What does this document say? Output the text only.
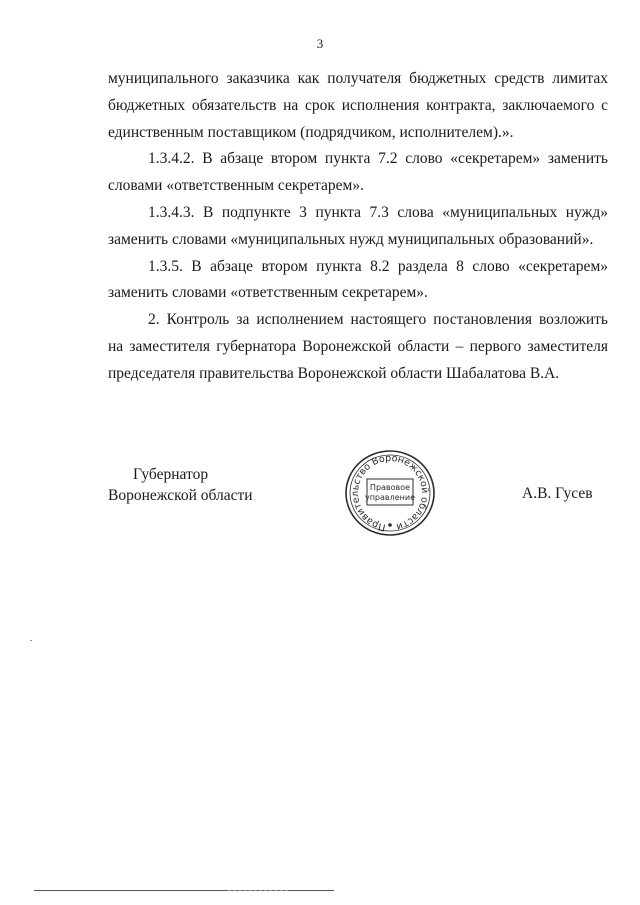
3

муниципального заказчика как получателя бюджетных средств лимитах бюджетных обязательств на срок исполнения контракта, заключаемого с единственным поставщиком (подрядчиком, исполнителем).».

1.3.4.2. В абзаце втором пункта 7.2 слово «секретарем» заменить словами «ответственным секретарем».

1.3.4.3. В подпункте 3 пункта 7.3 слова «муниципальных нужд» заменить словами «муниципальных нужд муниципальных образований».

1.3.5. В абзаце втором пункта 8.2 раздела 8 слово «секретарем» заменить словами «ответственным секретарем».

2. Контроль за исполнением настоящего постановления возложить на заместителя губернатора Воронежской области – первого заместителя председателя правительства Воронежской области Шабалатова В.А.

Губернатор
Воронежской области
Правительство Воронежской области
Правовое
управление	А.В. Гусев
